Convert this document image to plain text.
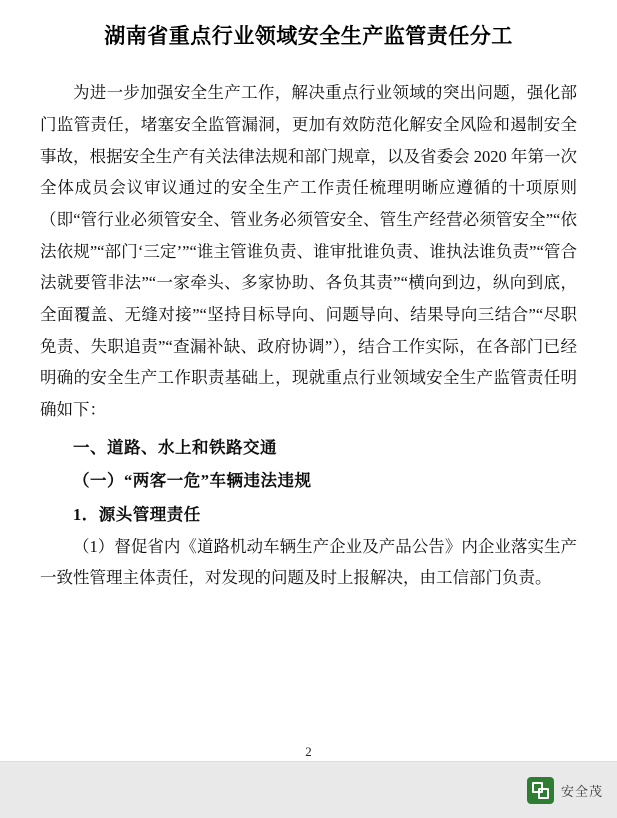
湖南省重点行业领域安全生产监管责任分工

为进一步加强安全生产工作，解决重点行业领域的突出问题，强化部门监管责任，堵塞安全监管漏洞，更加有效防范化解安全风险和遏制安全事故，根据安全生产有关法律法规和部门规章，以及省委会 2020 年第一次全体成员会议审议通过的安全生产工作责任梳理明晰应遵循的十项原则（即“管行业必须管安全、管业务必须管安全、管生产经营必须管安全”“依法依规”“部门‘三定’”“谁主管谁负责、谁审批谁负责、谁执法谁负责”“管合法就要管非法”“一家牵头、多家协助、各负其责”“横向到边，纵向到底，全面覆盖、无缝对接”“坚持目标导向、问题导向、结果导向三结合”“尽职免责、失职追责”“查漏补缺、政府协调”），结合工作实际，在各部门已经明确的安全生产工作职责基础上，现就重点行业领域安全生产监管责任明确如下：

一、道路、水上和铁路交通

（一）“两客一危”车辆违法违规

1．源头管理责任

（1）督促省内《道路机动车辆生产企业及产品公告》内企业落实生产一致性管理主体责任，对发现的问题及时上报解决，由工信部门负责。

2
安全茂
